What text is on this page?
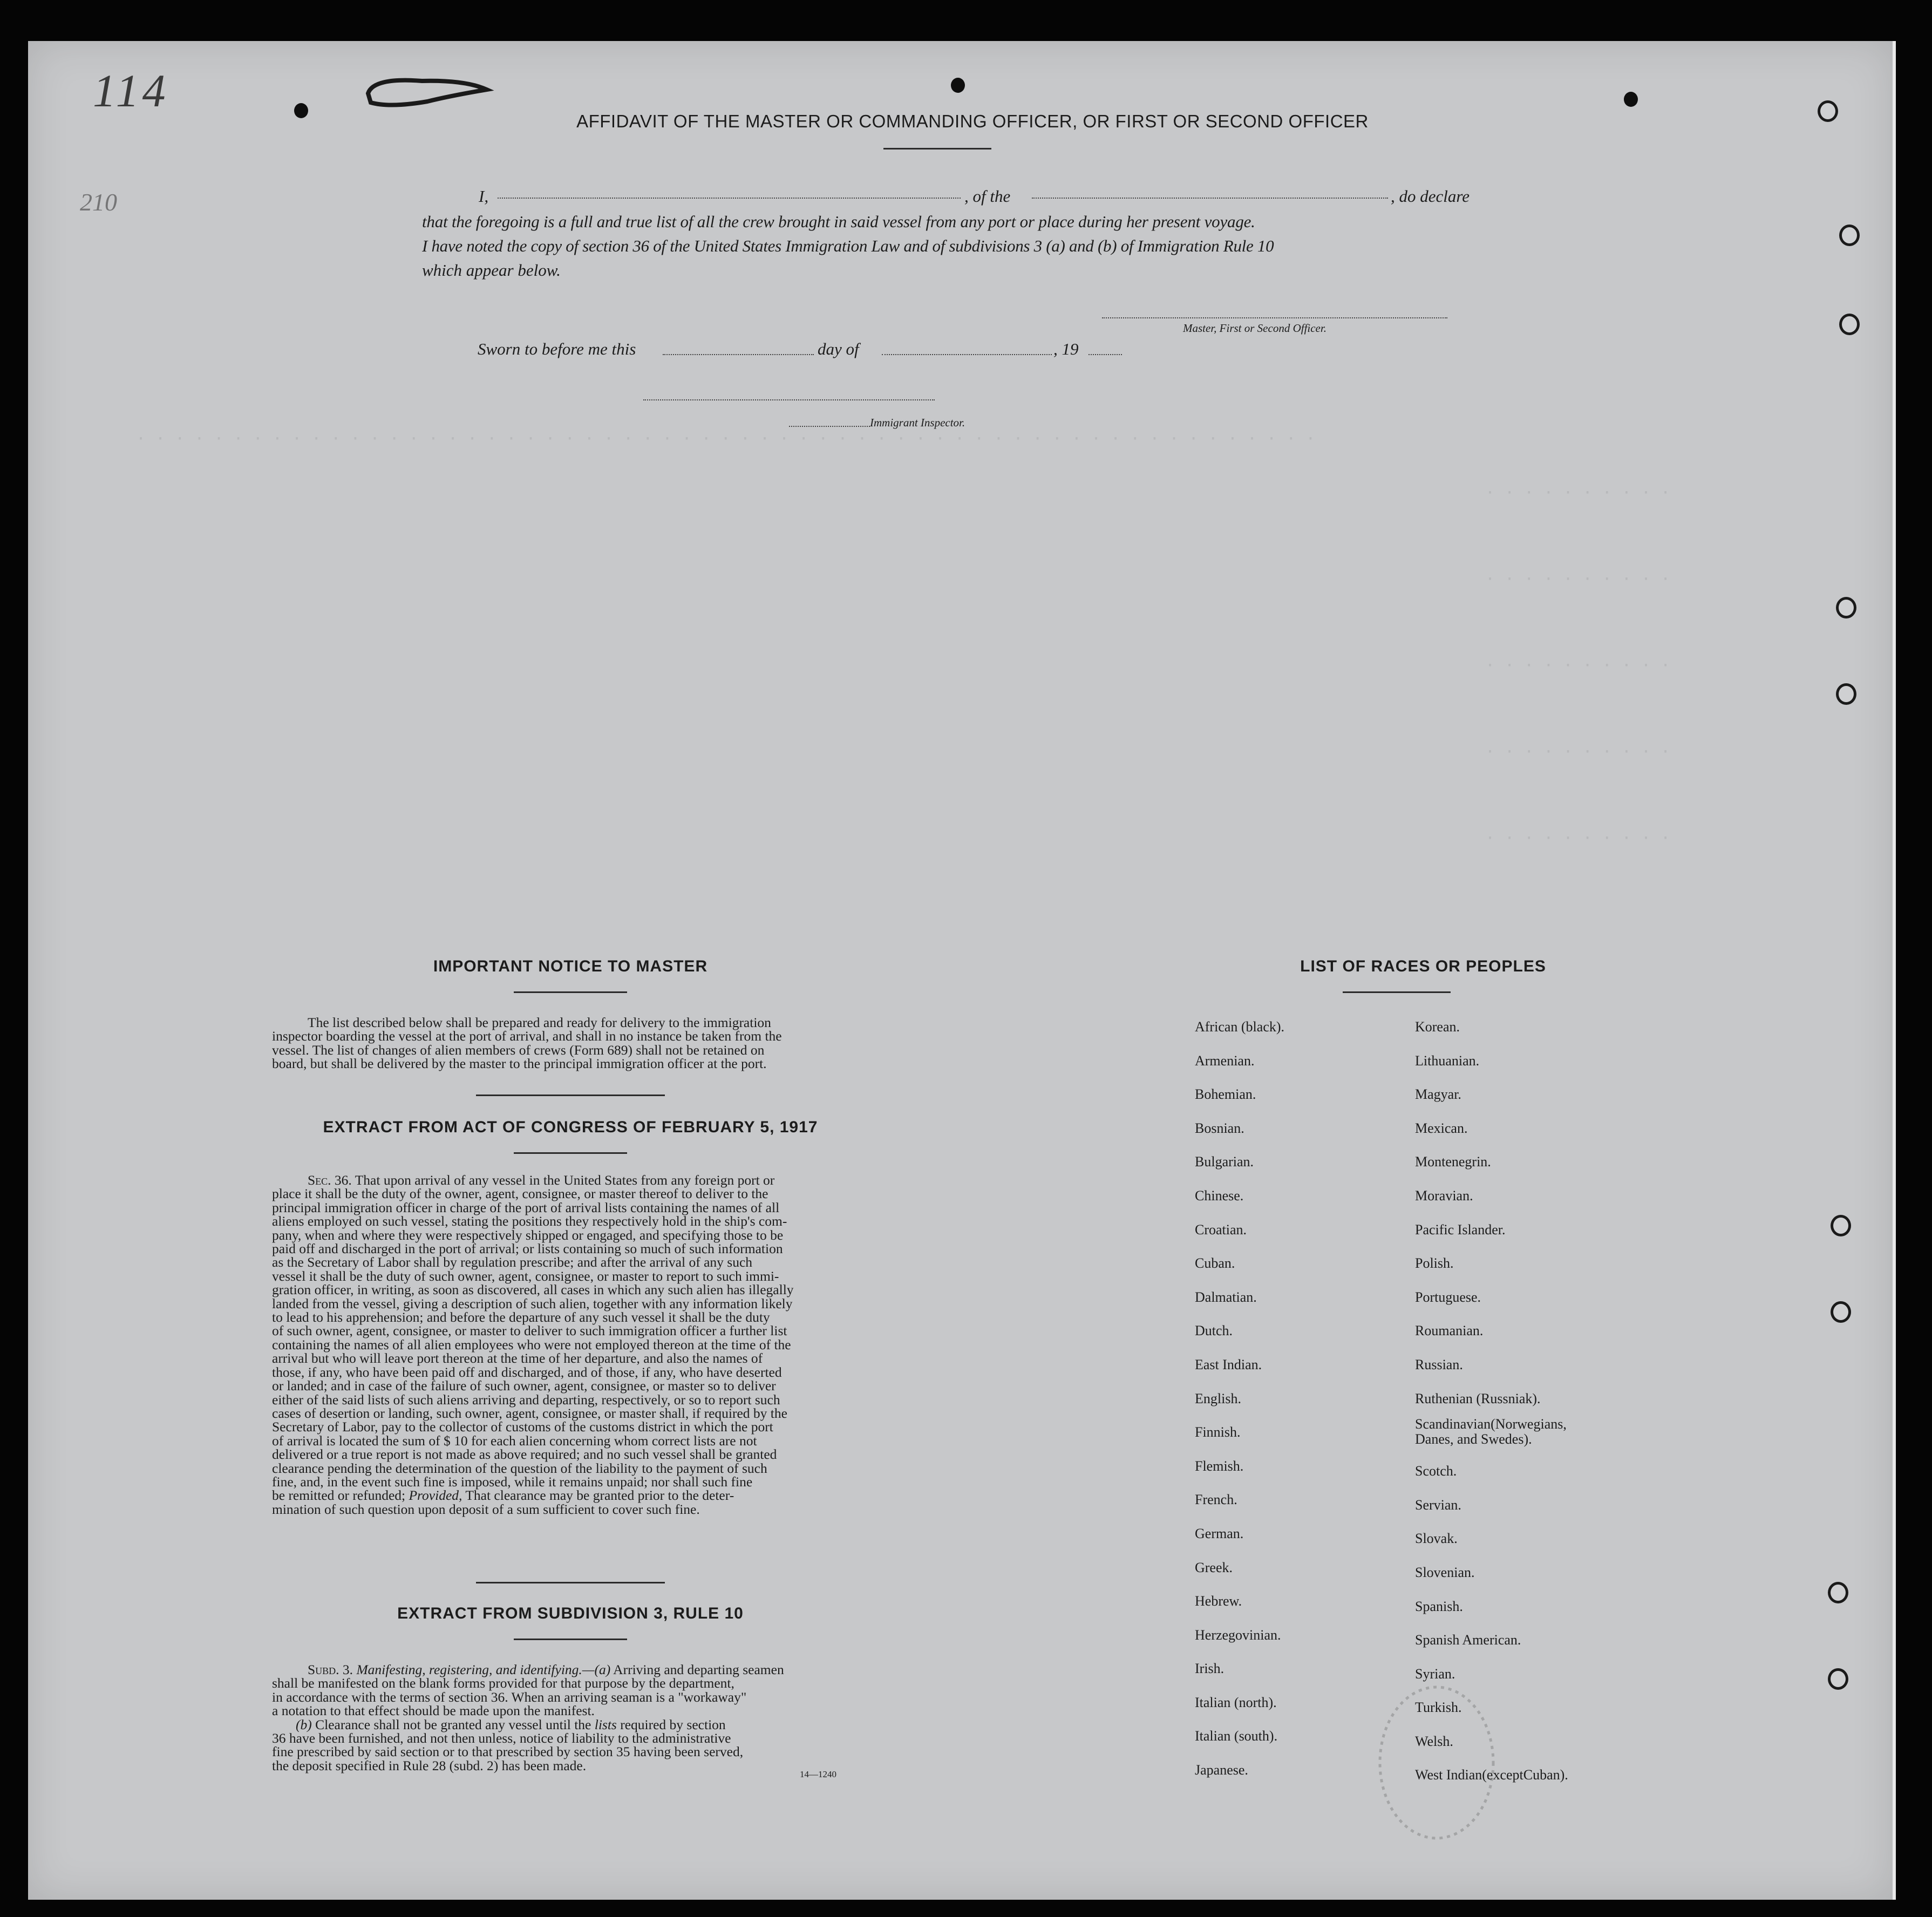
114
210
· · · · · · · · · · · · · · · · · · · · · · · · · · · · · · · · · · · · · · · · · · · · · · · · · · · · · · · · · · · · ·
· · · · · · · · · ·
· · · · · · · · · ·
· · · · · · · · · ·
· · · · · · · · · ·
· · · · · · · · · ·
AFFIDAVIT OF THE MASTER OR COMMANDING OFFICER, OR FIRST OR SECOND OFFICER
I,	, of the	, do declare
that the foregoing is a full and true list of all the crew brought in said vessel from any port or place during her present voyage.
I have noted the copy of section 36 of the United States Immigration Law and of subdivisions 3 (a) and (b) of Immigration Rule 10
which appear below.
Master, First or Second Officer.
Sworn to before me this	day of	, 19
Immigrant Inspector.
IMPORTANT NOTICE TO MASTER
The list described below shall be prepared and ready for delivery to the immigration
inspector boarding the vessel at the port of arrival, and shall in no instance be taken from the
vessel. The list of changes of alien members of crews (Form 689) shall not be retained on
board, but shall be delivered by the master to the principal immigration officer at the port.
EXTRACT FROM ACT OF CONGRESS OF FEBRUARY 5, 1917
Sec. 36. That upon arrival of any vessel in the United States from any foreign port or
place it shall be the duty of the owner, agent, consignee, or master thereof to deliver to the
principal immigration officer in charge of the port of arrival lists containing the names of all
aliens employed on such vessel, stating the positions they respectively hold in the ship's com-
pany, when and where they were respectively shipped or engaged, and specifying those to be
paid off and discharged in the port of arrival; or lists containing so much of such information
as the Secretary of Labor shall by regulation prescribe; and after the arrival of any such
vessel it shall be the duty of such owner, agent, consignee, or master to report to such immi-
gration officer, in writing, as soon as discovered, all cases in which any such alien has illegally
landed from the vessel, giving a description of such alien, together with any information likely
to lead to his apprehension; and before the departure of any such vessel it shall be the duty
of such owner, agent, consignee, or master to deliver to such immigration officer a further list
containing the names of all alien employees who were not employed thereon at the time of the
arrival but who will leave port thereon at the time of her departure, and also the names of
those, if any, who have been paid off and discharged, and of those, if any, who have deserted
or landed; and in case of the failure of such owner, agent, consignee, or master so to deliver
either of the said lists of such aliens arriving and departing, respectively, or so to report such
cases of desertion or landing, such owner, agent, consignee, or master shall, if required by the
Secretary of Labor, pay to the collector of customs of the customs district in which the port
of arrival is located the sum of $ 10 for each alien concerning whom correct lists are not
delivered or a true report is not made as above required; and no such vessel shall be granted
clearance pending the determination of the question of the liability to the payment of such
fine, and, in the event such fine is imposed, while it remains unpaid; nor shall such fine
be remitted or refunded; Provided, That clearance may be granted prior to the deter-
mination of such question upon deposit of a sum sufficient to cover such fine.
EXTRACT FROM SUBDIVISION 3, RULE 10
Subd. 3. Manifesting, registering, and identifying.—(a) Arriving and departing seamen
shall be manifested on the blank forms provided for that purpose by the department,
in accordance with the terms of section 36. When an arriving seaman is a "workaway"
a notation to that effect should be made upon the manifest.
(b) Clearance shall not be granted any vessel until the lists required by section
36 have been furnished, and not then unless, notice of liability to the administrative
fine prescribed by said section or to that prescribed by section 35 having been served,
the deposit specified in Rule 28 (subd. 2) has been made.
14—1240
LIST OF RACES OR PEOPLES
African (black).
Armenian.
Bohemian.
Bosnian.
Bulgarian.
Chinese.
Croatian.
Cuban.
Dalmatian.
Dutch.
East Indian.
English.
Finnish.
Flemish.
French.
German.
Greek.
Hebrew.
Herzegovinian.
Irish.
Italian (north).
Italian (south).
Japanese.
Korean.
Lithuanian.
Magyar.
Mexican.
Montenegrin.
Moravian.
Pacific Islander.
Polish.
Portuguese.
Roumanian.
Russian.
Ruthenian (Russniak).
Scandinavian(Norwegians,
Danes, and Swedes).
Scotch.
Servian.
Slovak.
Slovenian.
Spanish.
Spanish American.
Syrian.
Turkish.
Welsh.
West Indian(exceptCuban).
